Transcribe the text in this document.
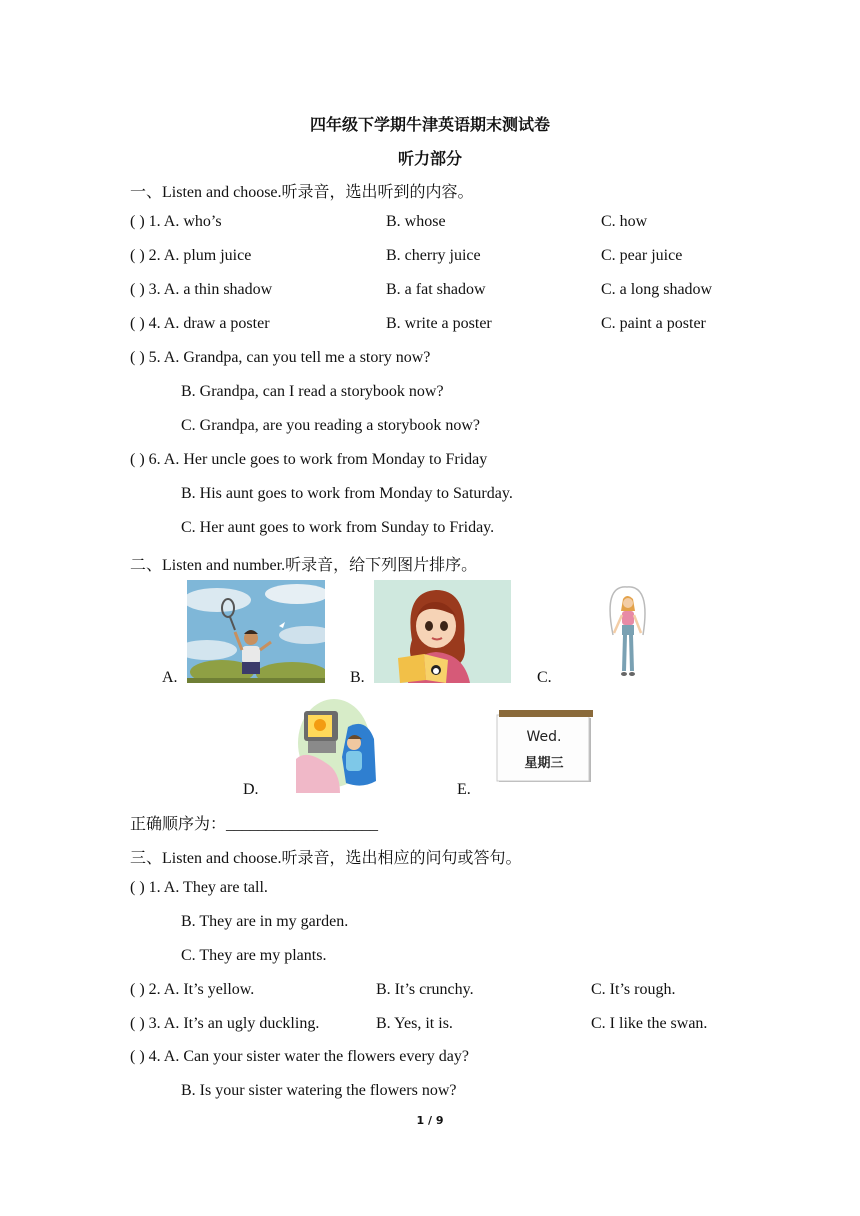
四年级下学期牛津英语期末测试卷
听力部分
一、Listen and choose.听录音，选出听到的内容。
( ) 1. A. who’s	B. whose	C. how
( ) 2. A. plum juice	B. cherry juice	C. pear juice
( ) 3. A. a thin shadow	B. a fat shadow	C. a long shadow
( ) 4. A. draw a poster	B. write a poster	C. paint a poster
( ) 5. A. Grandpa, can you tell me a story now?
B. Grandpa, can I read a storybook now?
C. Grandpa, are you reading a storybook now?
( ) 6. A. Her uncle goes to work from Monday to Friday
B. His aunt goes to work from Monday to Saturday.
C. Her aunt goes to work from Sunday to Friday.
二、Listen and number.听录音，给下列图片排序。
A.	B.	C.
D.	E.
Wed.
星期三
正确顺序为：___________________
三、Listen and choose.听录音，选出相应的问句或答句。
( ) 1. A. They are tall.
B. They are in my garden.
C. They are my plants.
( ) 2. A. It’s yellow.	B. It’s crunchy.	C. It’s rough.
( ) 3. A. It’s an ugly duckling.	B. Yes, it is.	C. I like the swan.
( ) 4. A. Can your sister water the flowers every day?
B. Is your sister watering the flowers now?
1 / 9
